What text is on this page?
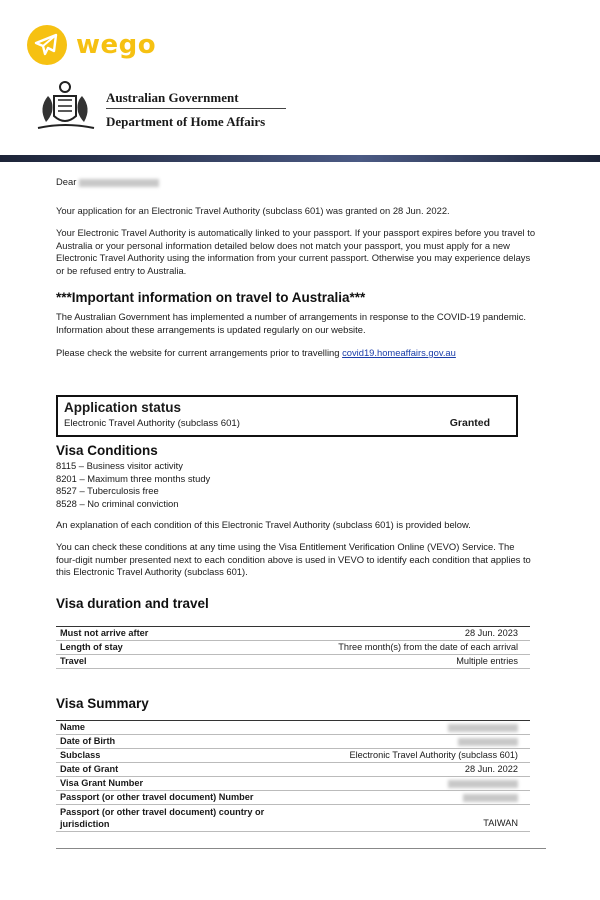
wego
Australian Government
Department of Home Affairs

Dear

Your application for an Electronic Travel Authority (subclass 601) was granted on 28 Jun. 2022.

Your Electronic Travel Authority is automatically linked to your passport. If your passport expires before you travel to Australia or your personal information detailed below does not match your passport, you must apply for a new Electronic Travel Authority using the information from your current passport. Otherwise you may experience delays or be refused entry to Australia.

***Important information on travel to Australia***
The Australian Government has implemented a number of arrangements in response to the COVID-19 pandemic. Information about these arrangements is updated regularly on our website.
Please check the website for current arrangements prior to travelling covid19.homeaffairs.gov.au
Application status
Electronic Travel Authority (subclass 601)	Granted
Visa Conditions
8115 – Business visitor activity
8201 – Maximum three months study
8527 – Tuberculosis free
8528 – No criminal conviction
An explanation of each condition of this Electronic Travel Authority (subclass 601) is provided below.
You can check these conditions at any time using the Visa Entitlement Verification Online (VEVO) Service. The four-digit number presented next to each condition above is used in VEVO to identify each condition that applies to this Electronic Travel Authority (subclass 601).
Visa duration and travel
Must not arrive after	28 Jun. 2023
Length of stay	Three month(s) from the date of each arrival
Travel	Multiple entries
Visa Summary
Name
Date of Birth
Subclass	Electronic Travel Authority (subclass 601)
Date of Grant	28 Jun. 2022
Visa Grant Number
Passport (or other travel document) Number
Passport (or other travel document) country or jurisdiction	TAIWAN
